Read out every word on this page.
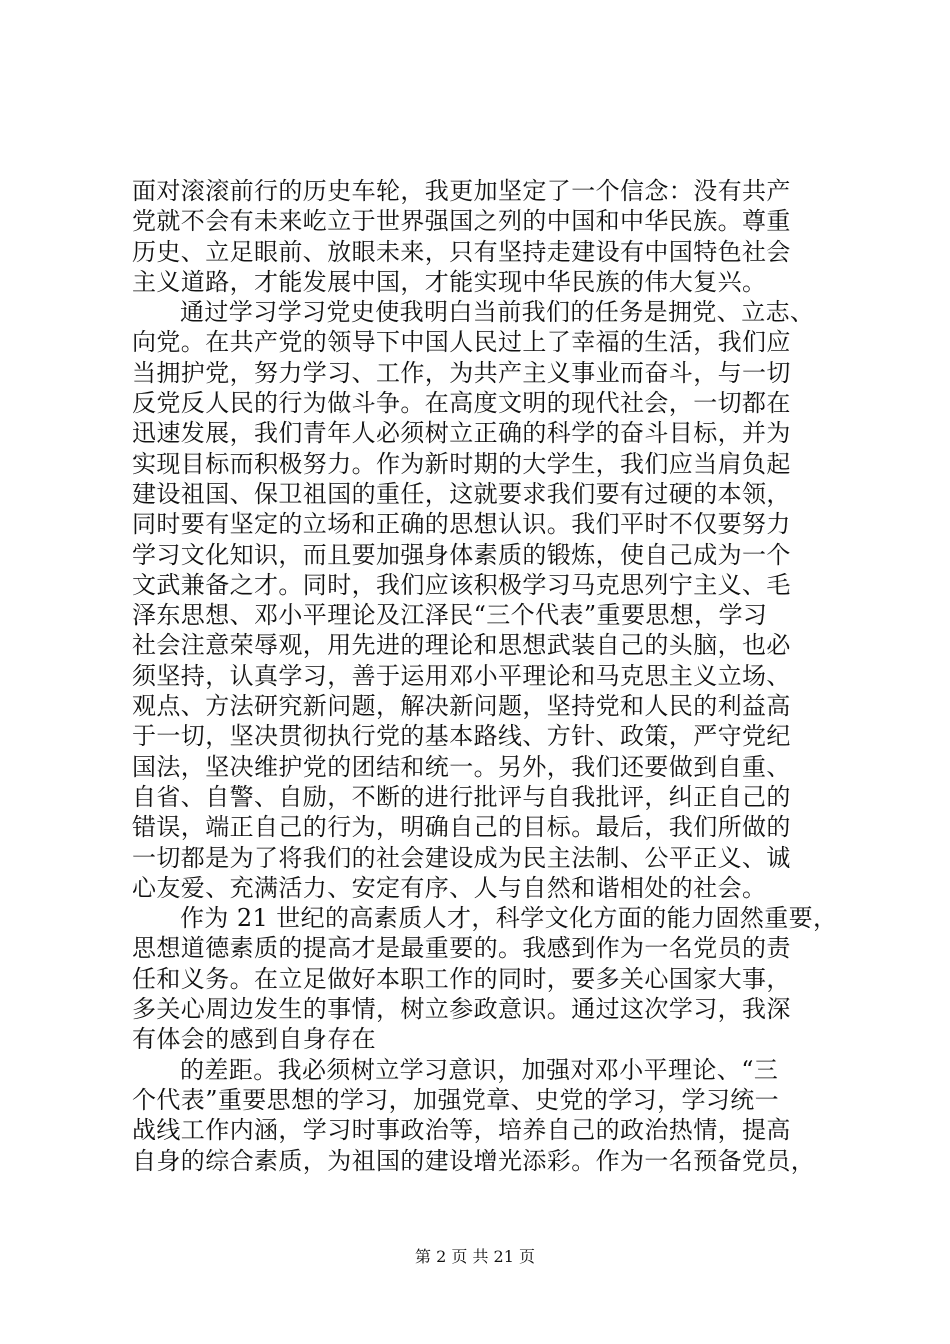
面对滚滚前行的历史车轮，我更加坚定了一个信念：没有共产
党就不会有未来屹立于世界强国之列的中国和中华民族。尊重
历史、立足眼前、放眼未来，只有坚持走建设有中国特色社会
主义道路，才能发展中国，才能实现中华民族的伟大复兴。
通过学习学习党史使我明白当前我们的任务是拥党、立志、
向党。在共产党的领导下中国人民过上了幸福的生活，我们应
当拥护党，努力学习、工作，为共产主义事业而奋斗，与一切
反党反人民的行为做斗争。在高度文明的现代社会，一切都在
迅速发展，我们青年人必须树立正确的科学的奋斗目标，并为
实现目标而积极努力。作为新时期的大学生，我们应当肩负起
建设祖国、保卫祖国的重任，这就要求我们要有过硬的本领，
同时要有坚定的立场和正确的思想认识。我们平时不仅要努力
学习文化知识，而且要加强身体素质的锻炼，使自己成为一个
文武兼备之才。同时，我们应该积极学习马克思列宁主义、毛
泽东思想、邓小平理论及江泽民“三个代表”重要思想，学习
社会注意荣辱观，用先进的理论和思想武装自己的头脑，也必
须坚持，认真学习，善于运用邓小平理论和马克思主义立场、
观点、方法研究新问题，解决新问题，坚持党和人民的利益高
于一切，坚决贯彻执行党的基本路线、方针、政策，严守党纪
国法，坚决维护党的团结和统一。另外，我们还要做到自重、
自省、自警、自励，不断的进行批评与自我批评，纠正自己的
错误，端正自己的行为，明确自己的目标。最后，我们所做的
一切都是为了将我们的社会建设成为民主法制、公平正义、诚
心友爱、充满活力、安定有序、人与自然和谐相处的社会。
作为 21 世纪的高素质人才，科学文化方面的能力固然重要，
思想道德素质的提高才是最重要的。我感到作为一名党员的责
任和义务。在立足做好本职工作的同时，要多关心国家大事，
多关心周边发生的事情，树立参政意识。通过这次学习，我深
有体会的感到自身存在
的差距。我必须树立学习意识，加强对邓小平理论、“三
个代表”重要思想的学习，加强党章、史党的学习，学习统一
战线工作内涵，学习时事政治等，培养自己的政治热情，提高
自身的综合素质，为祖国的建设增光添彩。作为一名预备党员，
第 2 页 共 21 页
